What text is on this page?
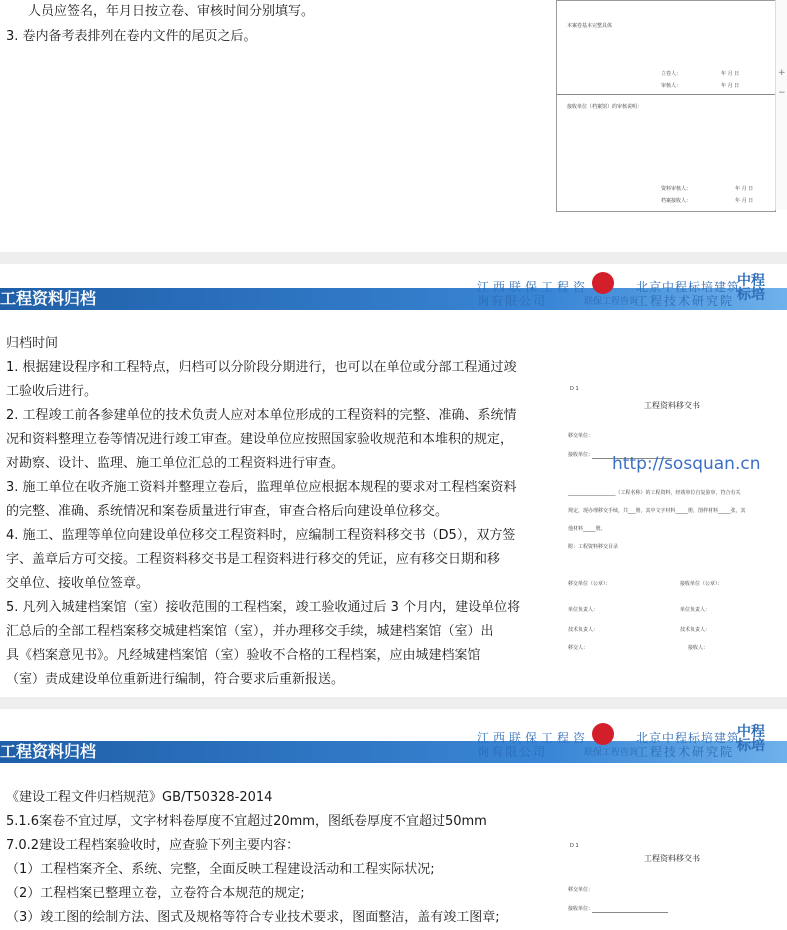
人员应签名，年月日按立卷、审核时间分别填写。
3. 卷内备考表排列在卷内文件的尾页之后。
本案卷基本完整具体
立卷人：	年 月 日
审核人：	年 月 日
接收单位（档案馆）的审核说明：
资料审核人：	年 月 日
档案接收人：	年 月 日
+
−
工程资料归档
江西联保工程咨
询有限公司	联保工程咨询
北京中程标培建筑
工程技术研究院
中程标培
归档时间
1. 根据建设程序和工程特点，归档可以分阶段分期进行，也可以在单位或分部工程通过竣
工验收后进行。
2. 工程竣工前各参建单位的技术负责人应对本单位形成的工程资料的完整、准确、系统情
况和资料整理立卷等情况进行竣工审查。建设单位应按照国家验收规范和本堆积的规定，
对勘察、设计、监理、施工单位汇总的工程资料进行审查。
3. 施工单位在收齐施工资料并整理立卷后，监理单位应根据本规程的要求对工程档案资料
的完整、准确、系统情况和案卷质量进行审查，审查合格后向建设单位移交。
4. 施工、监理等单位向建设单位移交工程资料时，应编制工程资料移交书（D5），双方签
字、盖章后方可交接。工程资料移交书是工程资料进行移交的凭证，应有移交日期和移
交单位、接收单位签章。
5. 凡列入城建档案馆（室）接收范围的工程档案，竣工验收通过后 3 个月内，建设单位将
汇总后的全部工程档案移交城建档案馆（室），并办理移交手续，城建档案馆（室）出
具《档案意见书》。凡经城建档案馆（室）验收不合格的工程档案，应由城建档案馆
（室）责成建设单位重新进行编制，符合要求后重新报送。
D 1
工程资料移交书
移交单位：
接收单位：
___________________（工程名称）的工程资料，经竣单位自复验审，符合有关
规定，现办理移交手续，共___册，其中文字材料_____册，图样材料_____张，其
他材料_____册。
附：工程资料移交目录
移交单位（公章）：	接收单位（公章）：
单位负责人：	单位负责人：
技术负责人：	技术负责人：
移交人：	接收人：
http://sosquan.cn
工程资料归档
江西联保工程咨
询有限公司	联保工程咨询
北京中程标培建筑
工程技术研究院
中程标培
《建设工程文件归档规范》GB/T50328-2014
5.1.6案卷不宜过厚，文字材料卷厚度不宜超过20mm，图纸卷厚度不宜超过50mm
7.0.2建设工程档案验收时，应查验下列主要内容：
（1）工程档案齐全、系统、完整，全面反映工程建设活动和工程实际状况;
（2）工程档案已整理立卷，立卷符合本规范的规定;
（3）竣工图的绘制方法、图式及规格等符合专业技术要求，图面整洁，盖有竣工图章;
D 1
工程资料移交书
移交单位：
接收单位：
